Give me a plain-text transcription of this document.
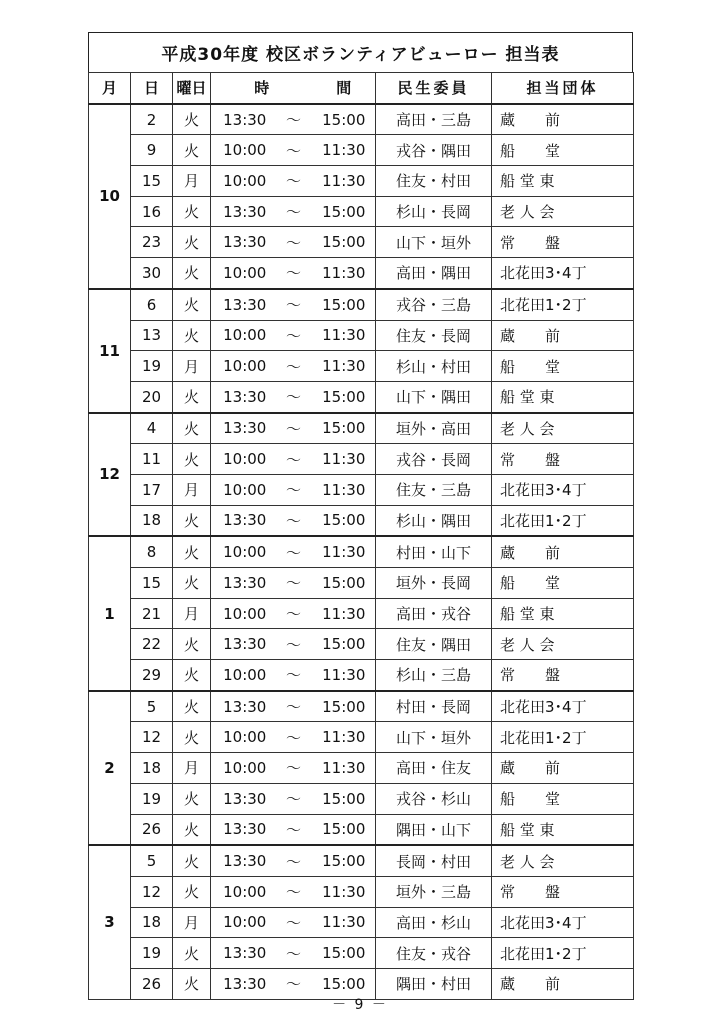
平成30年度 校区ボランティアビューロー 担当表
月	日	曜日	時		間	民生委員	担当団体
10	2	火	13:30	～	15:00	高田・三島	蔵　　前
	9	火	10:00	～	11:30	戎谷・隅田	船　　堂
	15	月	10:00	～	11:30	住友・村田	船 堂 東
	16	火	13:30	～	15:00	杉山・長岡	老 人 会
	23	火	13:30	～	15:00	山下・垣外	常　　盤
	30	火	10:00	～	11:30	高田・隅田	北花田3･4丁
11	6	火	13:30	～	15:00	戎谷・三島	北花田1･2丁
	13	火	10:00	～	11:30	住友・長岡	蔵　　前
	19	月	10:00	～	11:30	杉山・村田	船　　堂
	20	火	13:30	～	15:00	山下・隅田	船 堂 東
12	4	火	13:30	～	15:00	垣外・高田	老 人 会
	11	火	10:00	～	11:30	戎谷・長岡	常　　盤
	17	月	10:00	～	11:30	住友・三島	北花田3･4丁
	18	火	13:30	～	15:00	杉山・隅田	北花田1･2丁
1	8	火	10:00	～	11:30	村田・山下	蔵　　前
	15	火	13:30	～	15:00	垣外・長岡	船　　堂
	21	月	10:00	～	11:30	高田・戎谷	船 堂 東
	22	火	13:30	～	15:00	住友・隅田	老 人 会
	29	火	10:00	～	11:30	杉山・三島	常　　盤
2	5	火	13:30	～	15:00	村田・長岡	北花田3･4丁
	12	火	10:00	～	11:30	山下・垣外	北花田1･2丁
	18	月	10:00	～	11:30	高田・住友	蔵　　前
	19	火	13:30	～	15:00	戎谷・杉山	船　　堂
	26	火	13:30	～	15:00	隅田・山下	船 堂 東
3	5	火	13:30	～	15:00	長岡・村田	老 人 会
	12	火	10:00	～	11:30	垣外・三島	常　　盤
	18	月	10:00	～	11:30	高田・杉山	北花田3･4丁
	19	火	13:30	～	15:00	住友・戎谷	北花田1･2丁
	26	火	13:30	～	15:00	隅田・村田	蔵　　前
－ 9 －
